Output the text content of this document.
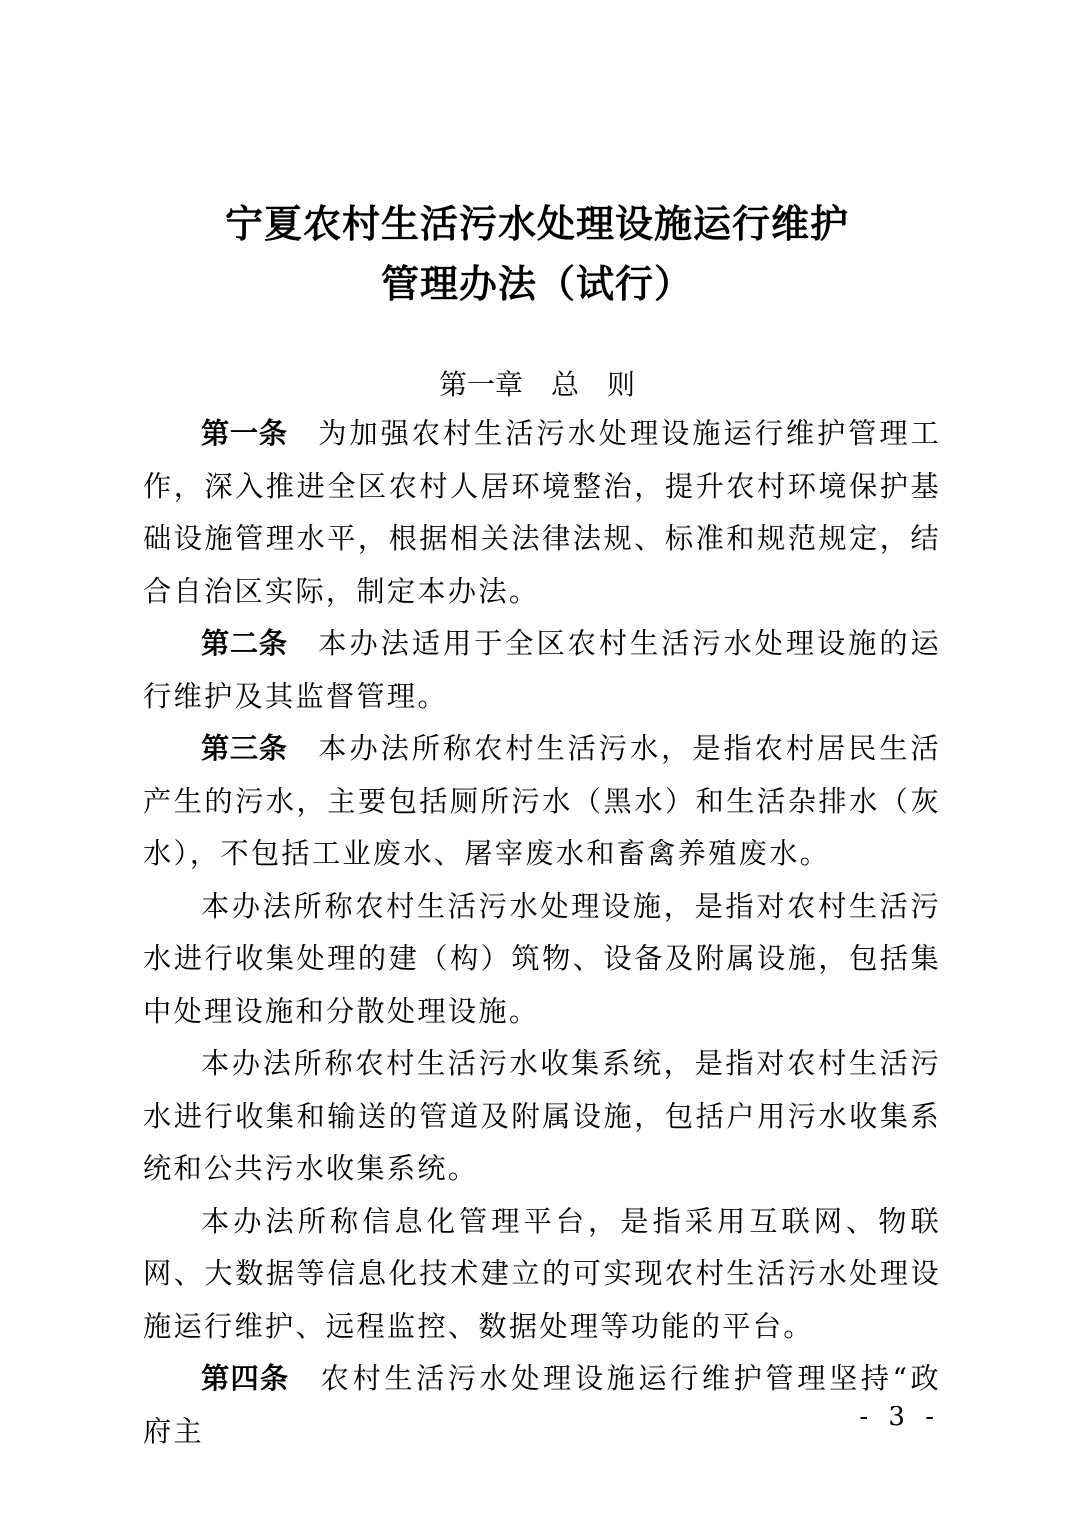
宁夏农村生活污水处理设施运行维护
管理办法（试行）
第一章 总 则

第一条 为加强农村生活污水处理设施运行维护管理工作，深入推进全区农村人居环境整治，提升农村环境保护基础设施管理水平，根据相关法律法规、标准和规范规定，结合自治区实际，制定本办法。

第二条 本办法适用于全区农村生活污水处理设施的运行维护及其监督管理。

第三条 本办法所称农村生活污水，是指农村居民生活产生的污水，主要包括厕所污水（黑水）和生活杂排水（灰水），不包括工业废水、屠宰废水和畜禽养殖废水。

本办法所称农村生活污水处理设施，是指对农村生活污水进行收集处理的建（构）筑物、设备及附属设施，包括集中处理设施和分散处理设施。

本办法所称农村生活污水收集系统，是指对农村生活污水进行收集和输送的管道及附属设施，包括户用污水收集系统和公共污水收集系统。

本办法所称信息化管理平台，是指采用互联网、物联网、大数据等信息化技术建立的可实现农村生活污水处理设施运行维护、远程监控、数据处理等功能的平台。

第四条 农村生活污水处理设施运行维护管理坚持“政府主	- 3 -
